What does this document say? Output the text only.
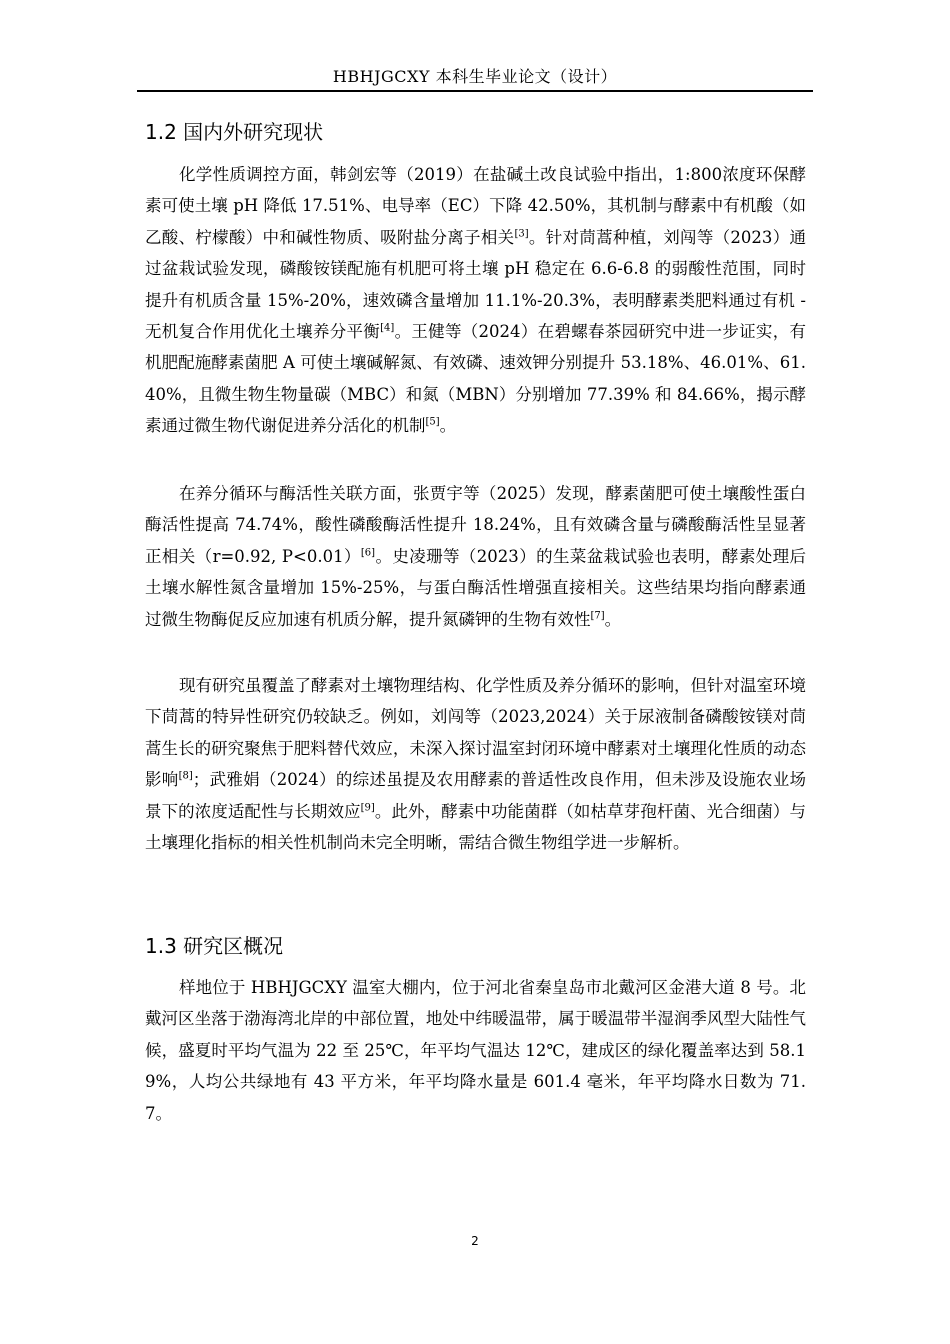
HBHJGCXY 本科生毕业论文（设计）
1.2 国内外研究现状

化学性质调控方面，韩剑宏等（2019）在盐碱土改良试验中指出，1:800浓度环保酵素可使土壤 pH 降低 17.51%、电导率（EC）下降 42.50%，其机制与酵素中有机酸（如乙酸、柠檬酸）中和碱性物质、吸附盐分离子相关[3]。针对茼蒿种植，刘闯等（2023）通过盆栽试验发现，磷酸铵镁配施有机肥可将土壤 pH 稳定在 6.6-6.8 的弱酸性范围，同时提升有机质含量 15%-20%，速效磷含量增加 11.1%-20.3%，表明酵素类肥料通过有机 - 无机复合作用优化土壤养分平衡[4]。王健等（2024）在碧螺春茶园研究中进一步证实，有机肥配施酵素菌肥 A 可使土壤碱解氮、有效磷、速效钾分别提升 53.18%、46.01%、61.40%，且微生物生物量碳（MBC）和氮（MBN）分别增加 77.39% 和 84.66%，揭示酵素通过微生物代谢促进养分活化的机制[5]。

在养分循环与酶活性关联方面，张贾宇等（2025）发现，酵素菌肥可使土壤酸性蛋白酶活性提高 74.74%，酸性磷酸酶活性提升 18.24%，且有效磷含量与磷酸酶活性呈显著正相关（r=0.92, P<0.01）[6]。史凌珊等（2023）的生菜盆栽试验也表明，酵素处理后土壤水解性氮含量增加 15%-25%，与蛋白酶活性增强直接相关。这些结果均指向酵素通过微生物酶促反应加速有机质分解，提升氮磷钾的生物有效性[7]。

现有研究虽覆盖了酵素对土壤物理结构、化学性质及养分循环的影响，但针对温室环境下茼蒿的特异性研究仍较缺乏。例如，刘闯等（2023,2024）关于尿液制备磷酸铵镁对茼蒿生长的研究聚焦于肥料替代效应，未深入探讨温室封闭环境中酵素对土壤理化性质的动态影响[8]；武雅娟（2024）的综述虽提及农用酵素的普适性改良作用，但未涉及设施农业场景下的浓度适配性与长期效应[9]。此外，酵素中功能菌群（如枯草芽孢杆菌、光合细菌）与土壤理化指标的相关性机制尚未完全明晰，需结合微生物组学进一步解析。

1.3 研究区概况

样地位于 HBHJGCXY 温室大棚内，位于河北省秦皇岛市北戴河区金港大道 8 号。北戴河区坐落于渤海湾北岸的中部位置，地处中纬暖温带，属于暖温带半湿润季风型大陆性气候，盛夏时平均气温为 22 至 25℃，年平均气温达 12℃，建成区的绿化覆盖率达到 58.19%，人均公共绿地有 43 平方米，年平均降水量是 601.4 毫米，年平均降水日数为 71.7。

2
